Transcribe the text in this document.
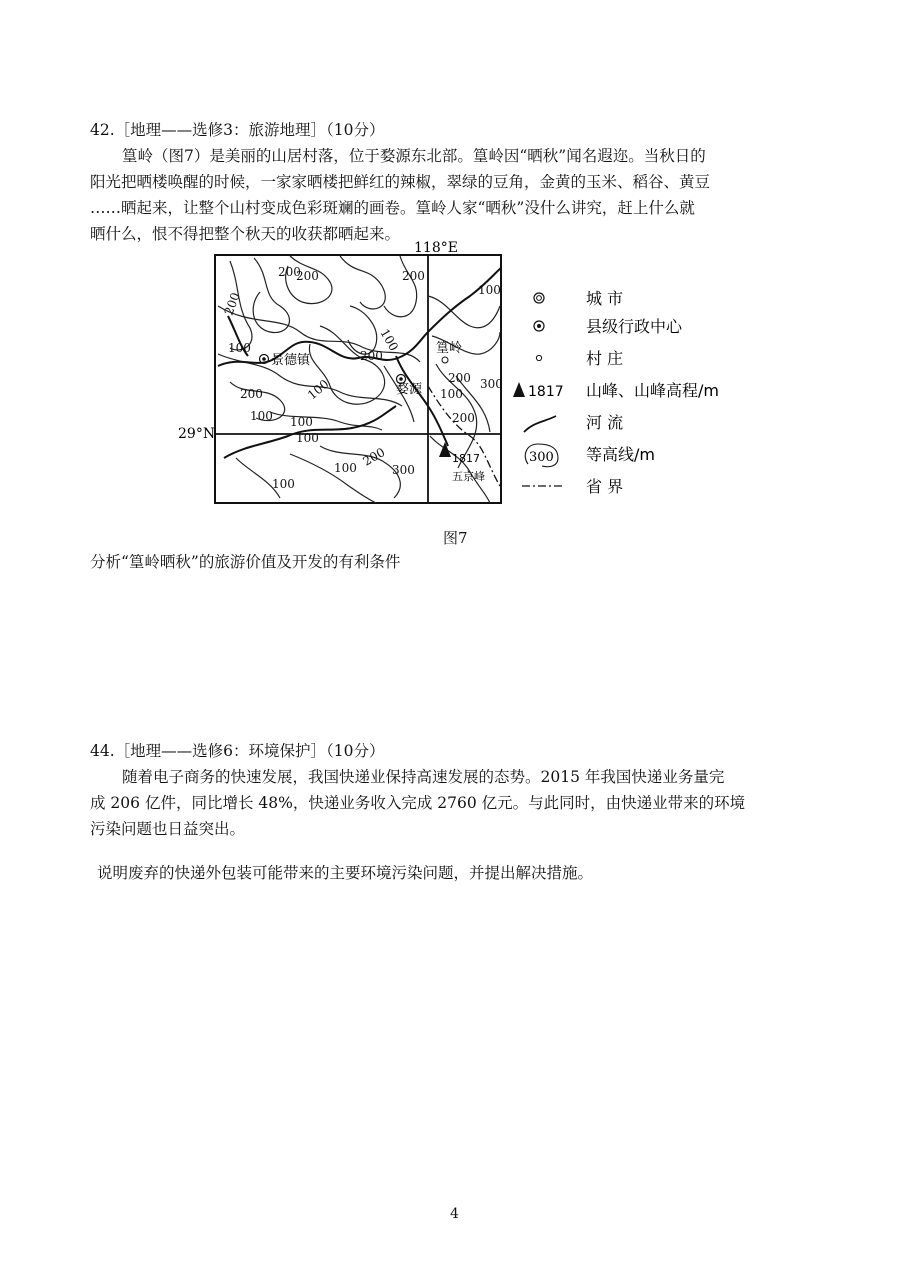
42.［地理——选修3：旅游地理］（10分）
篁岭（图7）是美丽的山居村落，位于婺源东北部。篁岭因“晒秋”闻名遐迩。当秋日的
阳光把晒楼唤醒的时候，一家家晒楼把鲜红的辣椒，翠绿的豆角，金黄的玉米、稻谷、黄豆
……晒起来，让整个山村变成色彩斑斓的画卷。篁岭人家“晒秋”没什么讲究，赶上什么就
晒什么，恨不得把整个秋天的收获都晒起来。
118°E
29°N
景德镇
婺源
篁岭
1817
五京峰
200
200	200
200
100
100
200
100
200 300
200	100
200
100 100
100
100 200
300
100
100
城 市
县级行政中心
村 庄
1817 山峰、山峰高程/m
河 流
300 等高线/m
省 界
图7
分析“篁岭晒秋”的旅游价值及开发的有利条件
44.［地理——选修6：环境保护］（10分）
随着电子商务的快速发展，我国快递业保持高速发展的态势。2015 年我国快递业务量完
成 206 亿件，同比增长 48%，快递业务收入完成 2760 亿元。与此同时，由快递业带来的环境
污染问题也日益突出。
说明废弃的快递外包装可能带来的主要环境污染问题，并提出解决措施。
4
